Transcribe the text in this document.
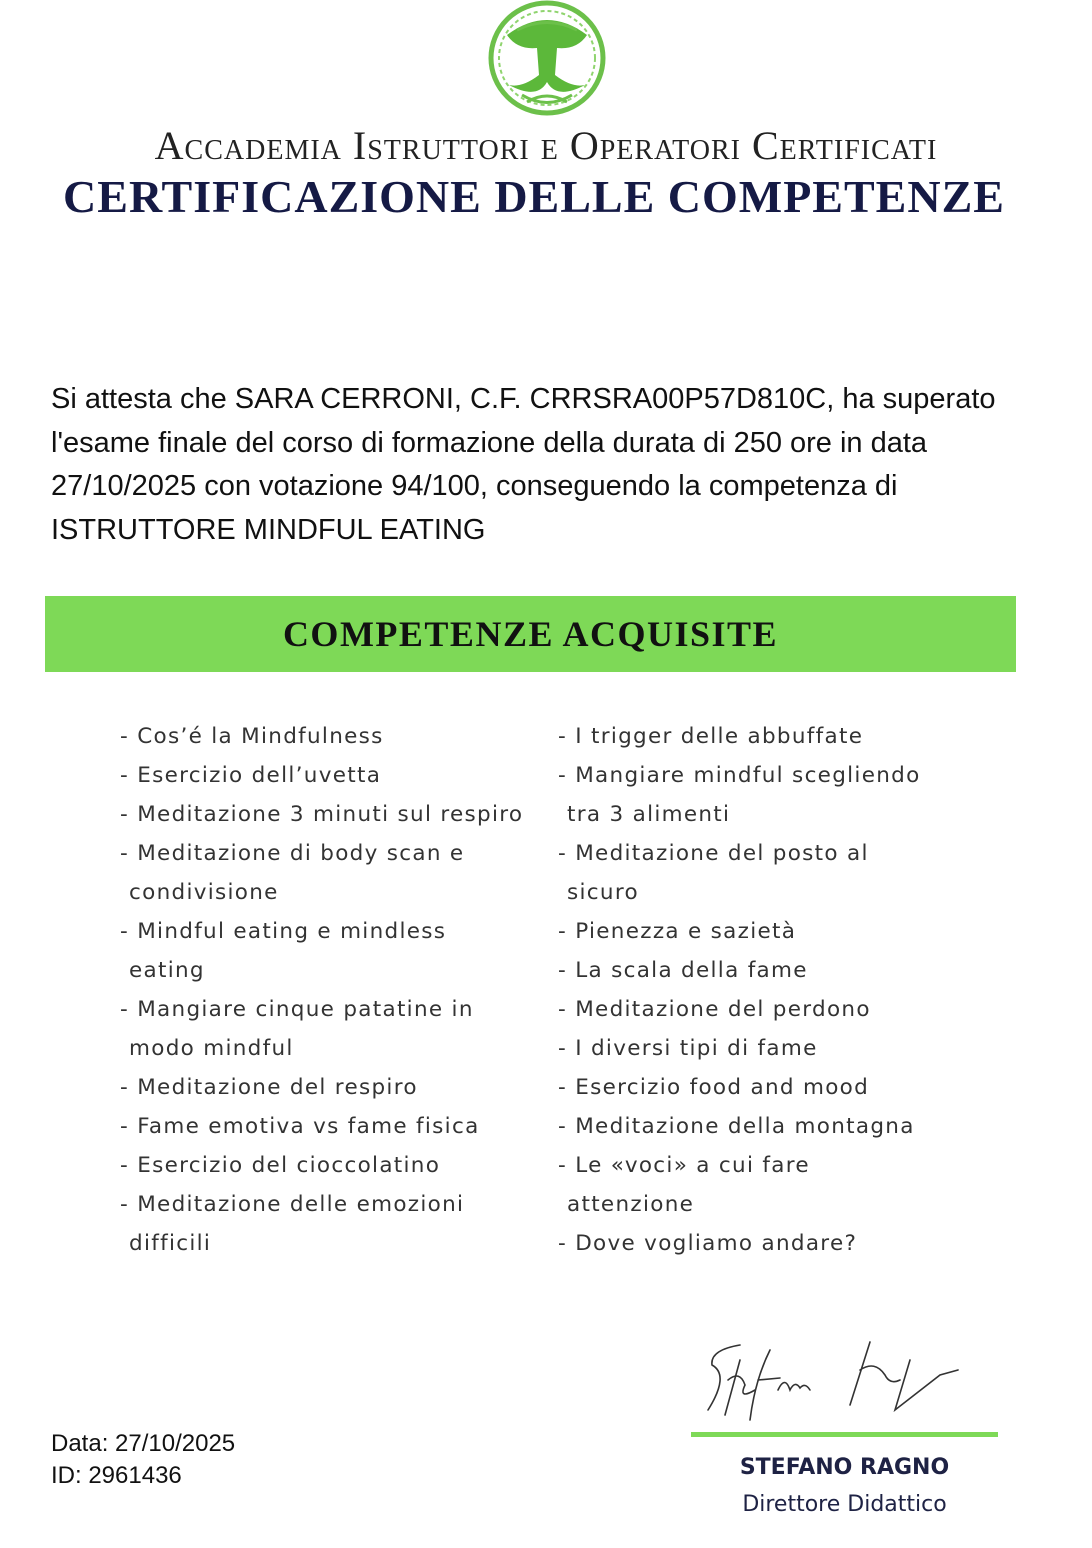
Accademia Istruttori e Operatori Certificati
CERTIFICAZIONE DELLE COMPETENZE
Si attesta che SARA CERRONI, C.F. CRRSRA00P57D810C, ha superato l'esame finale del corso di formazione della durata di 250 ore in data 27/10/2025 con votazione 94/100, conseguendo la competenza di ISTRUTTORE MINDFUL EATING
COMPETENZE ACQUISITE
- Cos’é la Mindfulness
- Esercizio dell’uvetta
- Meditazione 3 minuti sul respiro
- Meditazione di body scan e condivisione
- Mindful eating e mindless eating
- Mangiare cinque patatine in modo mindful
- Meditazione del respiro
- Fame emotiva vs fame fisica
- Esercizio del cioccolatino
- Meditazione delle emozioni difficili
- I trigger delle abbuffate
- Mangiare mindful scegliendo tra 3 alimenti
- Meditazione del posto al sicuro
- Pienezza e sazietà
- La scala della fame
- Meditazione del perdono
- I diversi tipi di fame
- Esercizio food and mood
- Meditazione della montagna
- Le «voci» a cui fare attenzione
- Dove vogliamo andare?
STEFANO RAGNO
Direttore Didattico
Data: 27/10/2025
ID: 2961436
